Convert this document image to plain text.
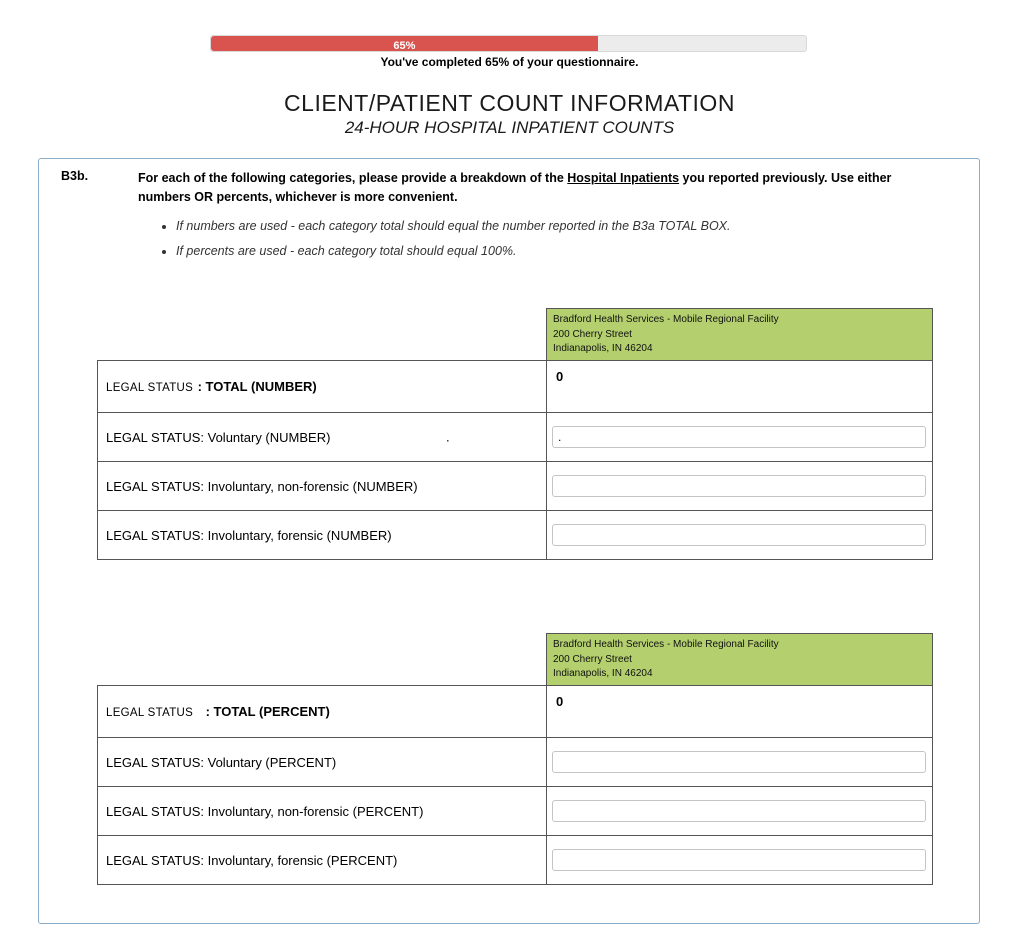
65%
You've completed 65% of your questionnaire.
CLIENT/PATIENT COUNT INFORMATION
24-HOUR HOSPITAL INPATIENT COUNTS
B3b.	For each of the following categories, please provide a breakdown of the Hospital Inpatients you reported previously. Use either numbers OR percents, whichever is more convenient.
• If numbers are used - each category total should equal the number reported in the B3a TOTAL BOX.
• If percents are used - each category total should equal 100%.

	Bradford Health Services - Mobile Regional Facility
200 Cherry Street
Indianapolis, IN 46204

LEGAL STATUS : TOTAL (NUMBER)	0
LEGAL STATUS: Voluntary (NUMBER) .

.
LEGAL STATUS: Involuntary, non-forensic (NUMBER)	

LEGAL STATUS: Involuntary, forensic (NUMBER)	

	Bradford Health Services - Mobile Regional Facility
200 Cherry Street
Indianapolis, IN 46204

LEGAL STATUS : TOTAL (PERCENT)	0
LEGAL STATUS: Voluntary (PERCENT)	

LEGAL STATUS: Involuntary, non-forensic (PERCENT)	

LEGAL STATUS: Involuntary, forensic (PERCENT)	
